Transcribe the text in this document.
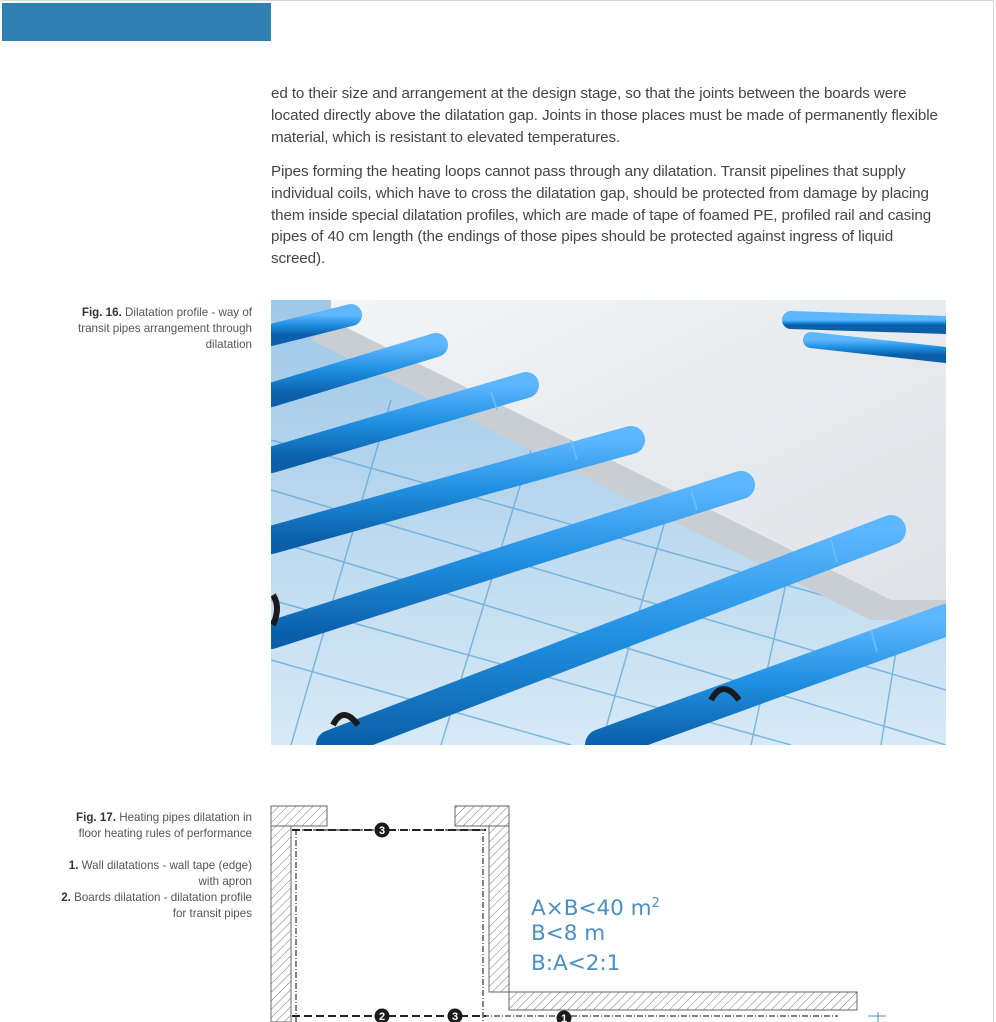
ed to their size and arrangement at the design stage, so that the joints between the boards were located directly above the dilatation gap. Joints in those places must be made of permanently flexible material, which is resistant to elevated temperatures.

Pipes forming the heating loops cannot pass through any dilatation. Transit pipelines that supply individual coils, which have to cross the dilatation gap, should be protected from damage by placing them inside special dilatation profiles, which are made of tape of foamed PE, profiled rail and casing pipes of 40 cm length (the endings of those pipes should be protected against ingress of liquid screed).

Fig. 16. Dilatation profile - way of transit pipes arrangement through dilatation
Fig. 17. Heating pipes dilatation in floor heating rules of performance
1. Wall dilatations - wall tape (edge) with apron
2. Boards dilatation - dilatation profile for transit pipes
3
2	3	1
A×B<40 $m^2$
B<8 m
B:A<2:1
